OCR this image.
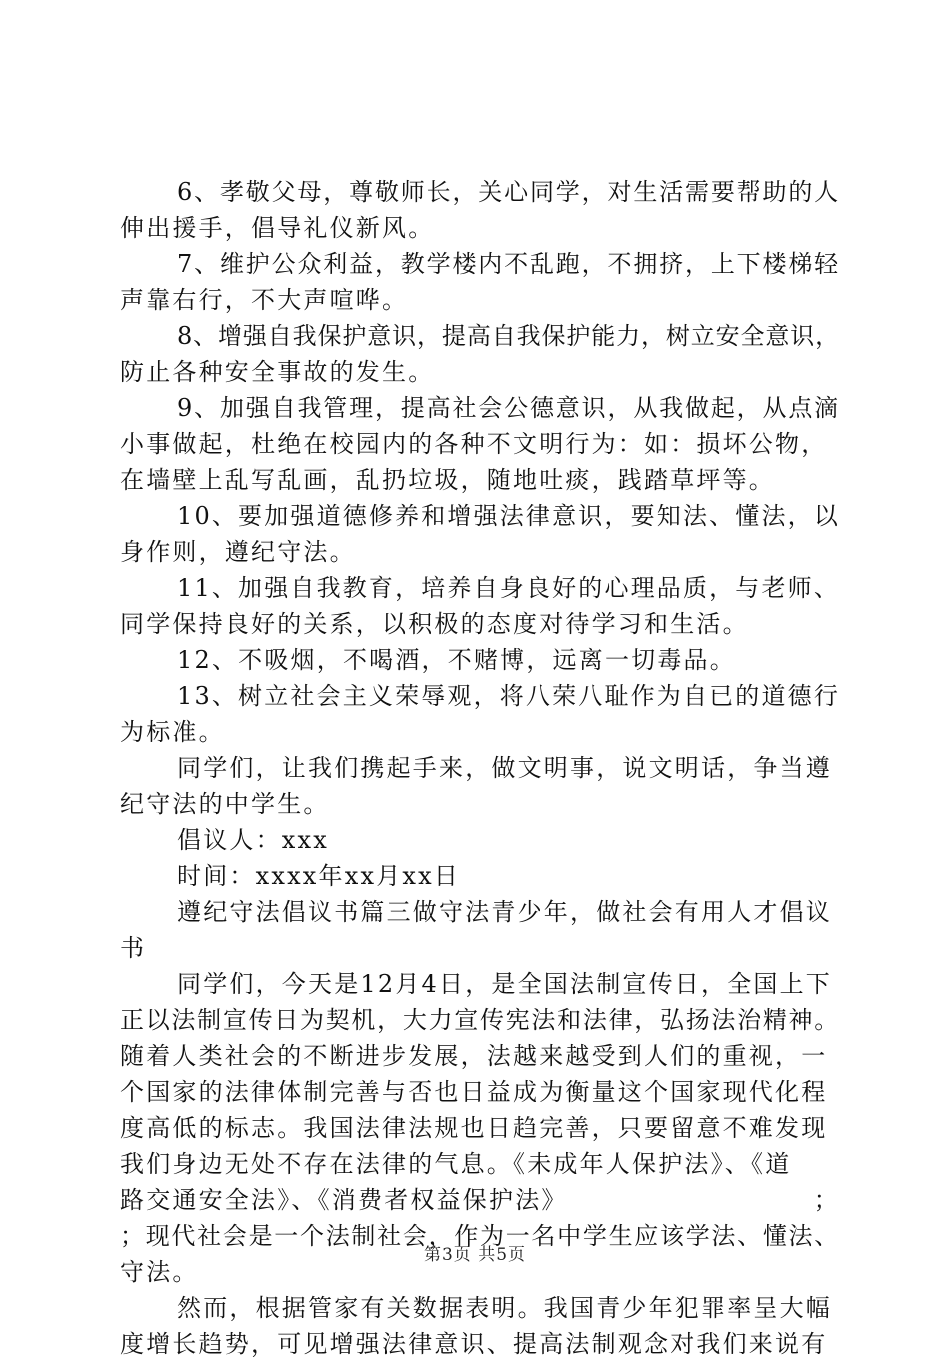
6、孝敬父母，尊敬师长，关心同学，对生活需要帮助的人
伸出援手，倡导礼仪新风。
7、维护公众利益，教学楼内不乱跑，不拥挤，上下楼梯轻
声靠右行，不大声喧哗。
8、增强自我保护意识，提高自我保护能力，树立安全意识，
防止各种安全事故的发生。
9、加强自我管理，提高社会公德意识，从我做起，从点滴
小事做起，杜绝在校园内的各种不文明行为：如：损坏公物，
在墙壁上乱写乱画，乱扔垃圾，随地吐痰，践踏草坪等。
10、要加强道德修养和增强法律意识，要知法、懂法，以
身作则，遵纪守法。
11、加强自我教育，培养自身良好的心理品质，与老师、
同学保持良好的关系，以积极的态度对待学习和生活。
12、不吸烟，不喝酒，不赌博，远离一切毒品。
13、树立社会主义荣辱观，将八荣八耻作为自已的道德行
为标准。
同学们，让我们携起手来，做文明事，说文明话，争当遵
纪守法的中学生。
倡议人：xxx
时间：xxxx年xx月xx日
遵纪守法倡议书篇三做守法青少年，做社会有用人才倡议
书
同学们，今天是12月4日，是全国法制宣传日，全国上下
正以法制宣传日为契机，大力宣传宪法和法律，弘扬法治精神。
随着人类社会的不断进步发展，法越来越受到人们的重视，一
个国家的法律体制完善与否也日益成为衡量这个国家现代化程
度高低的标志。我国法律法规也日趋完善，只要留意不难发现
我们身边无处不存在法律的气息。《未成年人保护法》、《道
路交通安全法》、《消费者权益保护法》	；
；现代社会是一个法制社会，作为一名中学生应该学法、懂法、
守法。
然而，根据管家有关数据表明。我国青少年犯罪率呈大幅
度增长趋势，可见增强法律意识、提高法制观念对我们来说有
第3页 共5页
